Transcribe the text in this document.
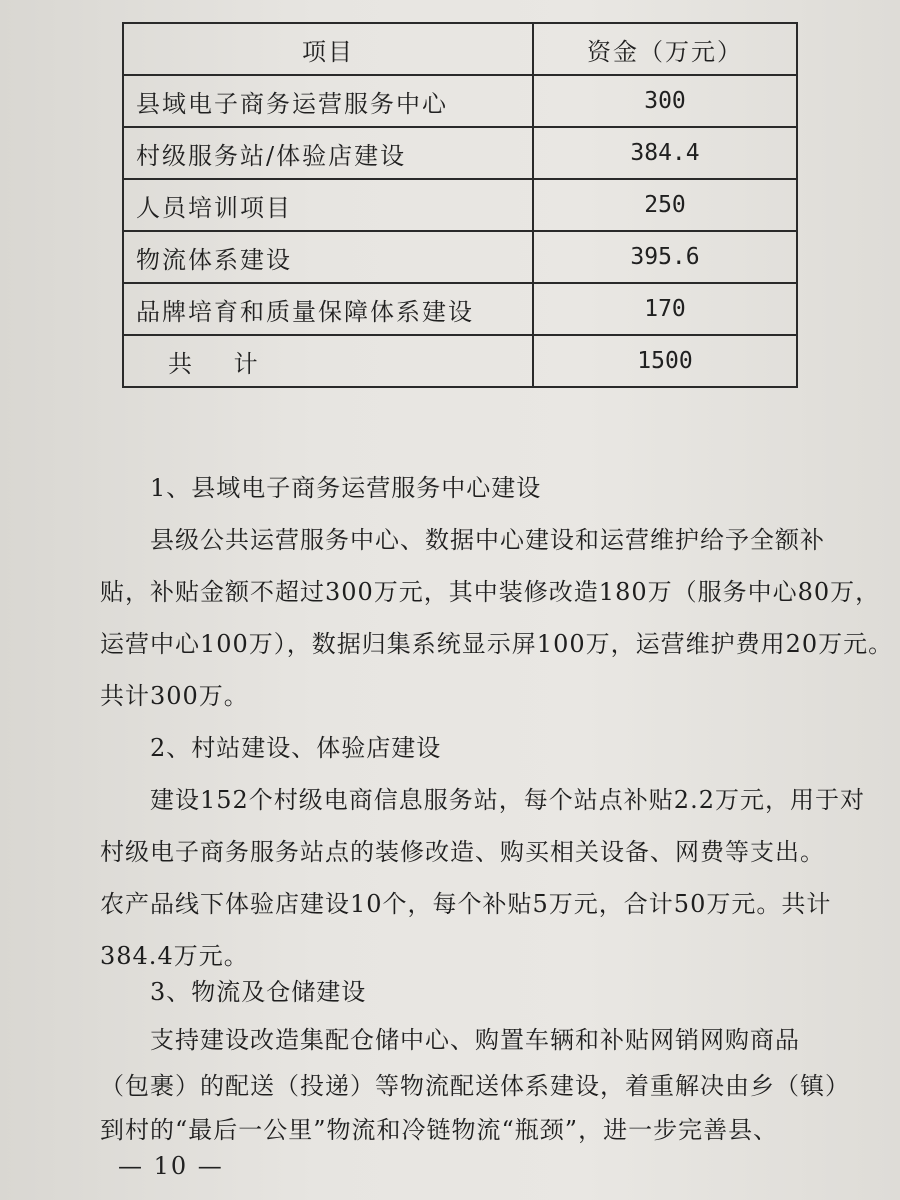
项目	资金（万元）
县域电子商务运营服务中心	300
村级服务站/体验店建设	384.4
人员培训项目	250
物流体系建设	395.6
品牌培育和质量保障体系建设	170
共 计	1500
1、县域电子商务运营服务中心建设
县级公共运营服务中心、数据中心建设和运营维护给予全额补
贴，补贴金额不超过300万元，其中装修改造180万（服务中心80万，
运营中心100万），数据归集系统显示屏100万，运营维护费用20万元。
共计300万。
2、村站建设、体验店建设
建设152个村级电商信息服务站，每个站点补贴2.2万元，用于对
村级电子商务服务站点的装修改造、购买相关设备、网费等支出。
农产品线下体验店建设10个，每个补贴5万元，合计50万元。共计
384.4万元。
3、物流及仓储建设
支持建设改造集配仓储中心、购置车辆和补贴网销网购商品
（包裹）的配送（投递）等物流配送体系建设，着重解决由乡（镇）
到村的“最后一公里”物流和冷链物流“瓶颈”，进一步完善县、
— 10 —
